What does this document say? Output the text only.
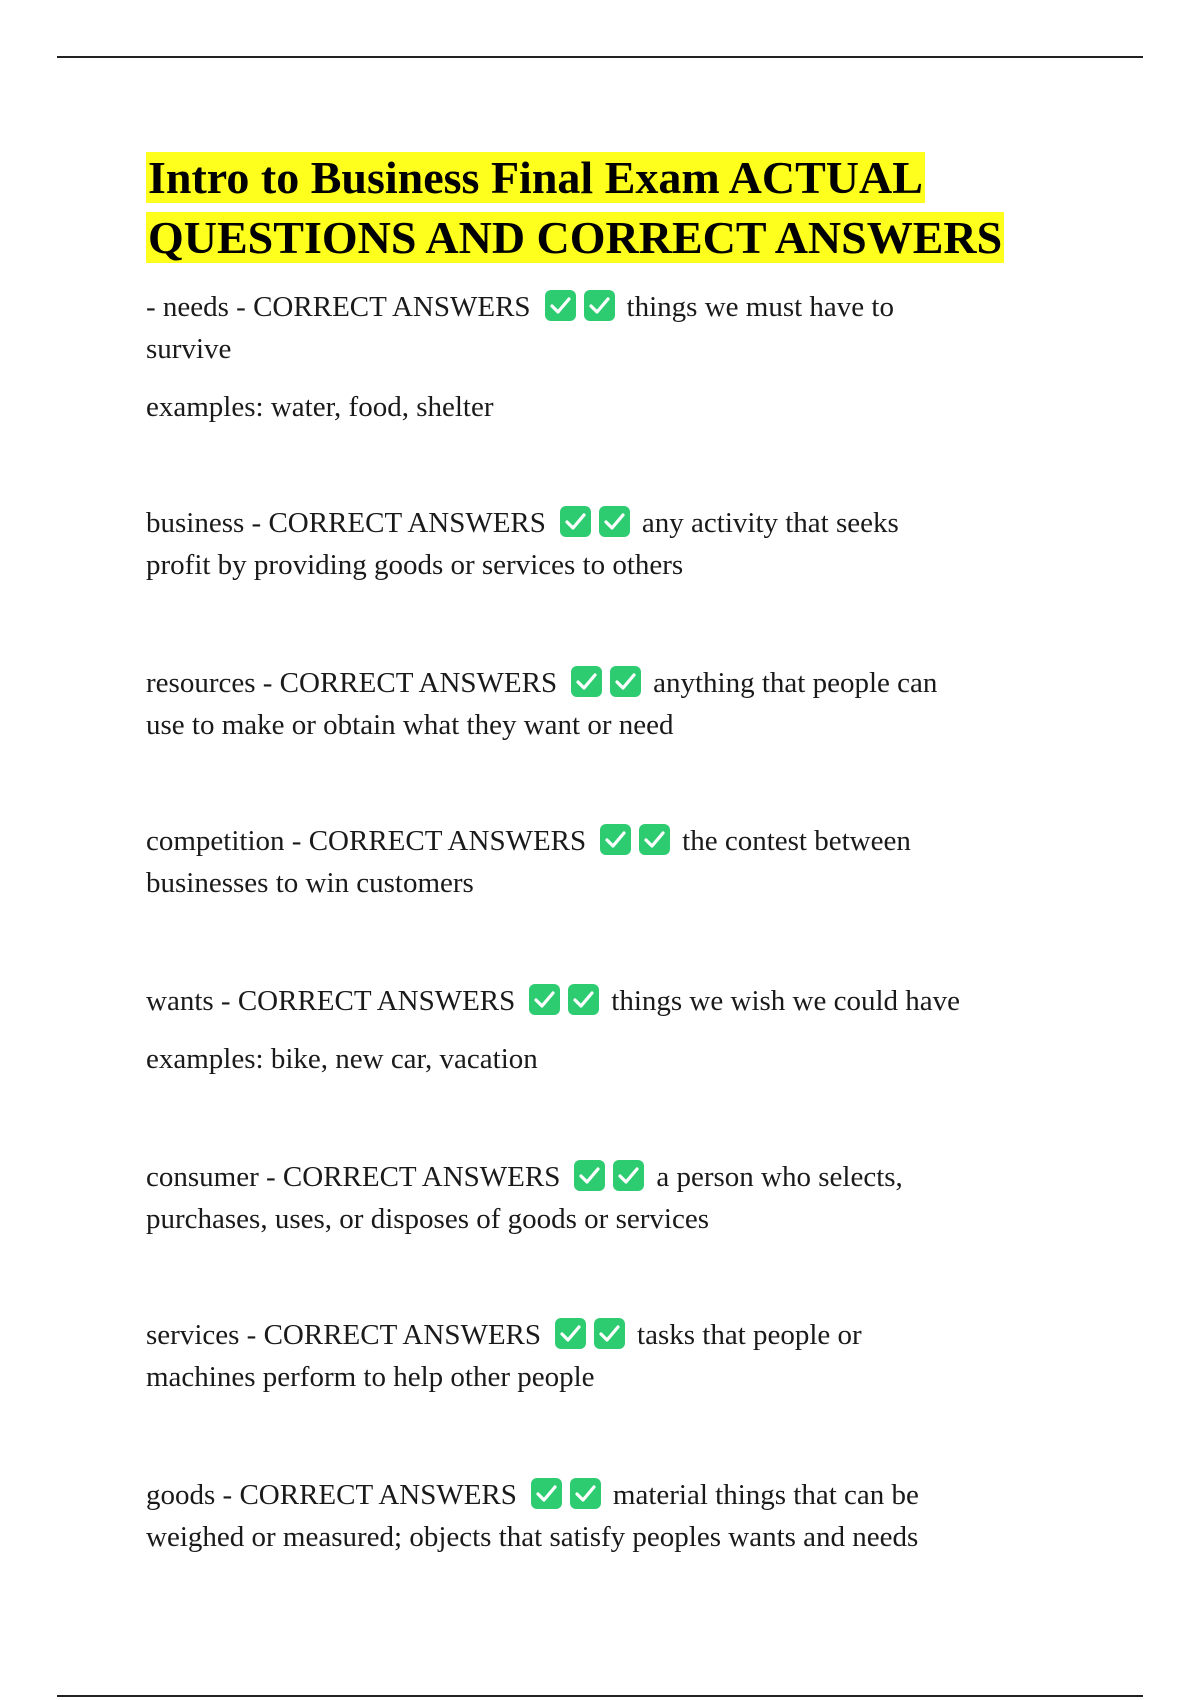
Intro to Business Final Exam ACTUAL
QUESTIONS AND CORRECT ANSWERS
- needs - CORRECT ANSWERS	things we must have to
survive
examples: water, food, shelter
business - CORRECT ANSWERS	any activity that seeks
profit by providing goods or services to others
resources - CORRECT ANSWERS	anything that people can
use to make or obtain what they want or need
competition - CORRECT ANSWERS	the contest between
businesses to win customers
wants - CORRECT ANSWERS	things we wish we could have
examples: bike, new car, vacation
consumer - CORRECT ANSWERS	a person who selects,
purchases, uses, or disposes of goods or services
services - CORRECT ANSWERS	tasks that people or
machines perform to help other people
goods - CORRECT ANSWERS	material things that can be
weighed or measured; objects that satisfy peoples wants and needs
